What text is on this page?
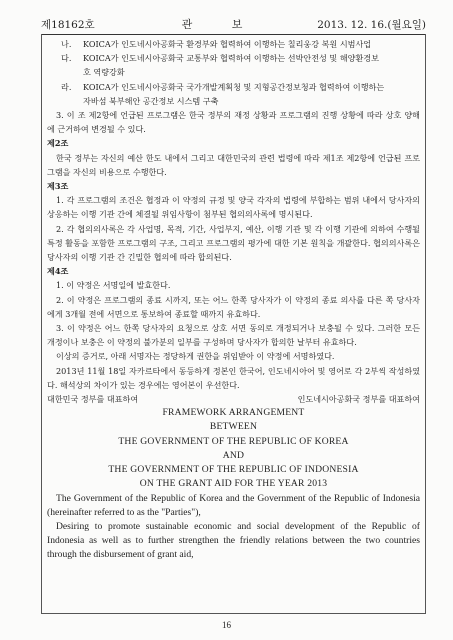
제18162호	관 보	2013. 12. 16.(월요일)
나.	KOICA가 인도네시아공화국 환경부와 협력하여 이행하는 칠리웅강 복원 시범사업
다.	KOICA가 인도네시아공화국 교통부와 협력하여 이행하는 선박안전성 및 해양환경보

호 역량강화

라.	KOICA가 인도네시아공화국 국가개발계획청 및 지형공간정보청과 협력하여 이행하는

자바섬 북부해안 공간정보 시스템 구축

3. 이 조 제2항에 언급된 프로그램은 한국 정부의 재정 상황과 프로그램의 진행 상황에 따라 상호 양해에 근거하여 변경될 수 있다.

제2조

한국 정부는 자신의 예산 한도 내에서 그리고 대한민국의 관련 법령에 따라 제1조 제2항에 언급된 프로그램을 자신의 비용으로 수행한다.

제3조

1. 각 프로그램의 조건은 협정과 이 약정의 규정 및 양국 각자의 법령에 부합하는 범위 내에서 당사자의 상응하는 이행 기관 간에 체결될 위임사항이 첨부된 협의의사록에 명시된다.

2. 각 협의의사록은 각 사업명, 목적, 기간, 사업부지, 예산, 이행 기관 및 각 이행 기관에 의하여 수행될 특정 활동을 포함한 프로그램의 구조, 그리고 프로그램의 평가에 대한 기본 원칙을 개괄한다. 협의의사록은 당사자의 이행 기관 간 긴밀한 협의에 따라 합의된다.

제4조

1. 이 약정은 서명일에 발효한다.

2. 이 약정은 프로그램의 종료 시까지, 또는 어느 한쪽 당사자가 이 약정의 종료 의사를 다른 쪽 당사자에게 3개월 전에 서면으로 통보하여 종료할 때까지 유효하다.

3. 이 약정은 어느 한쪽 당사자의 요청으로 상호 서면 동의로 개정되거나 보충될 수 있다. 그러한 모든 개정이나 보충은 이 약정의 불가분의 일부를 구성하며 당사자가 합의한 날부터 유효하다.

이상의 증거로, 아래 서명자는 정당하게 권한을 위임받아 이 약정에 서명하였다.

2013년 11월 18일 자카르타에서 동등하게 정본인 한국어, 인도네시아어 및 영어로 각 2부씩 작성하였다. 해석상의 차이가 있는 경우에는 영어본이 우선한다.

대한민국 정부를 대표하여	인도네시아공화국 정부를 대표하여

FRAMEWORK ARRANGEMENT

BETWEEN

THE GOVERNMENT OF THE REPUBLIC OF KOREA

AND

THE GOVERNMENT OF THE REPUBLIC OF INDONESIA

ON THE GRANT AID FOR THE YEAR 2013

The Government of the Republic of Korea and the Government of the Republic of Indonesia (hereinafter referred to as the "Parties"),

Desiring to promote sustainable economic and social development of the Republic of Indonesia as well as to further strengthen the friendly relations between the two countries through the disbursement of grant aid,

16
